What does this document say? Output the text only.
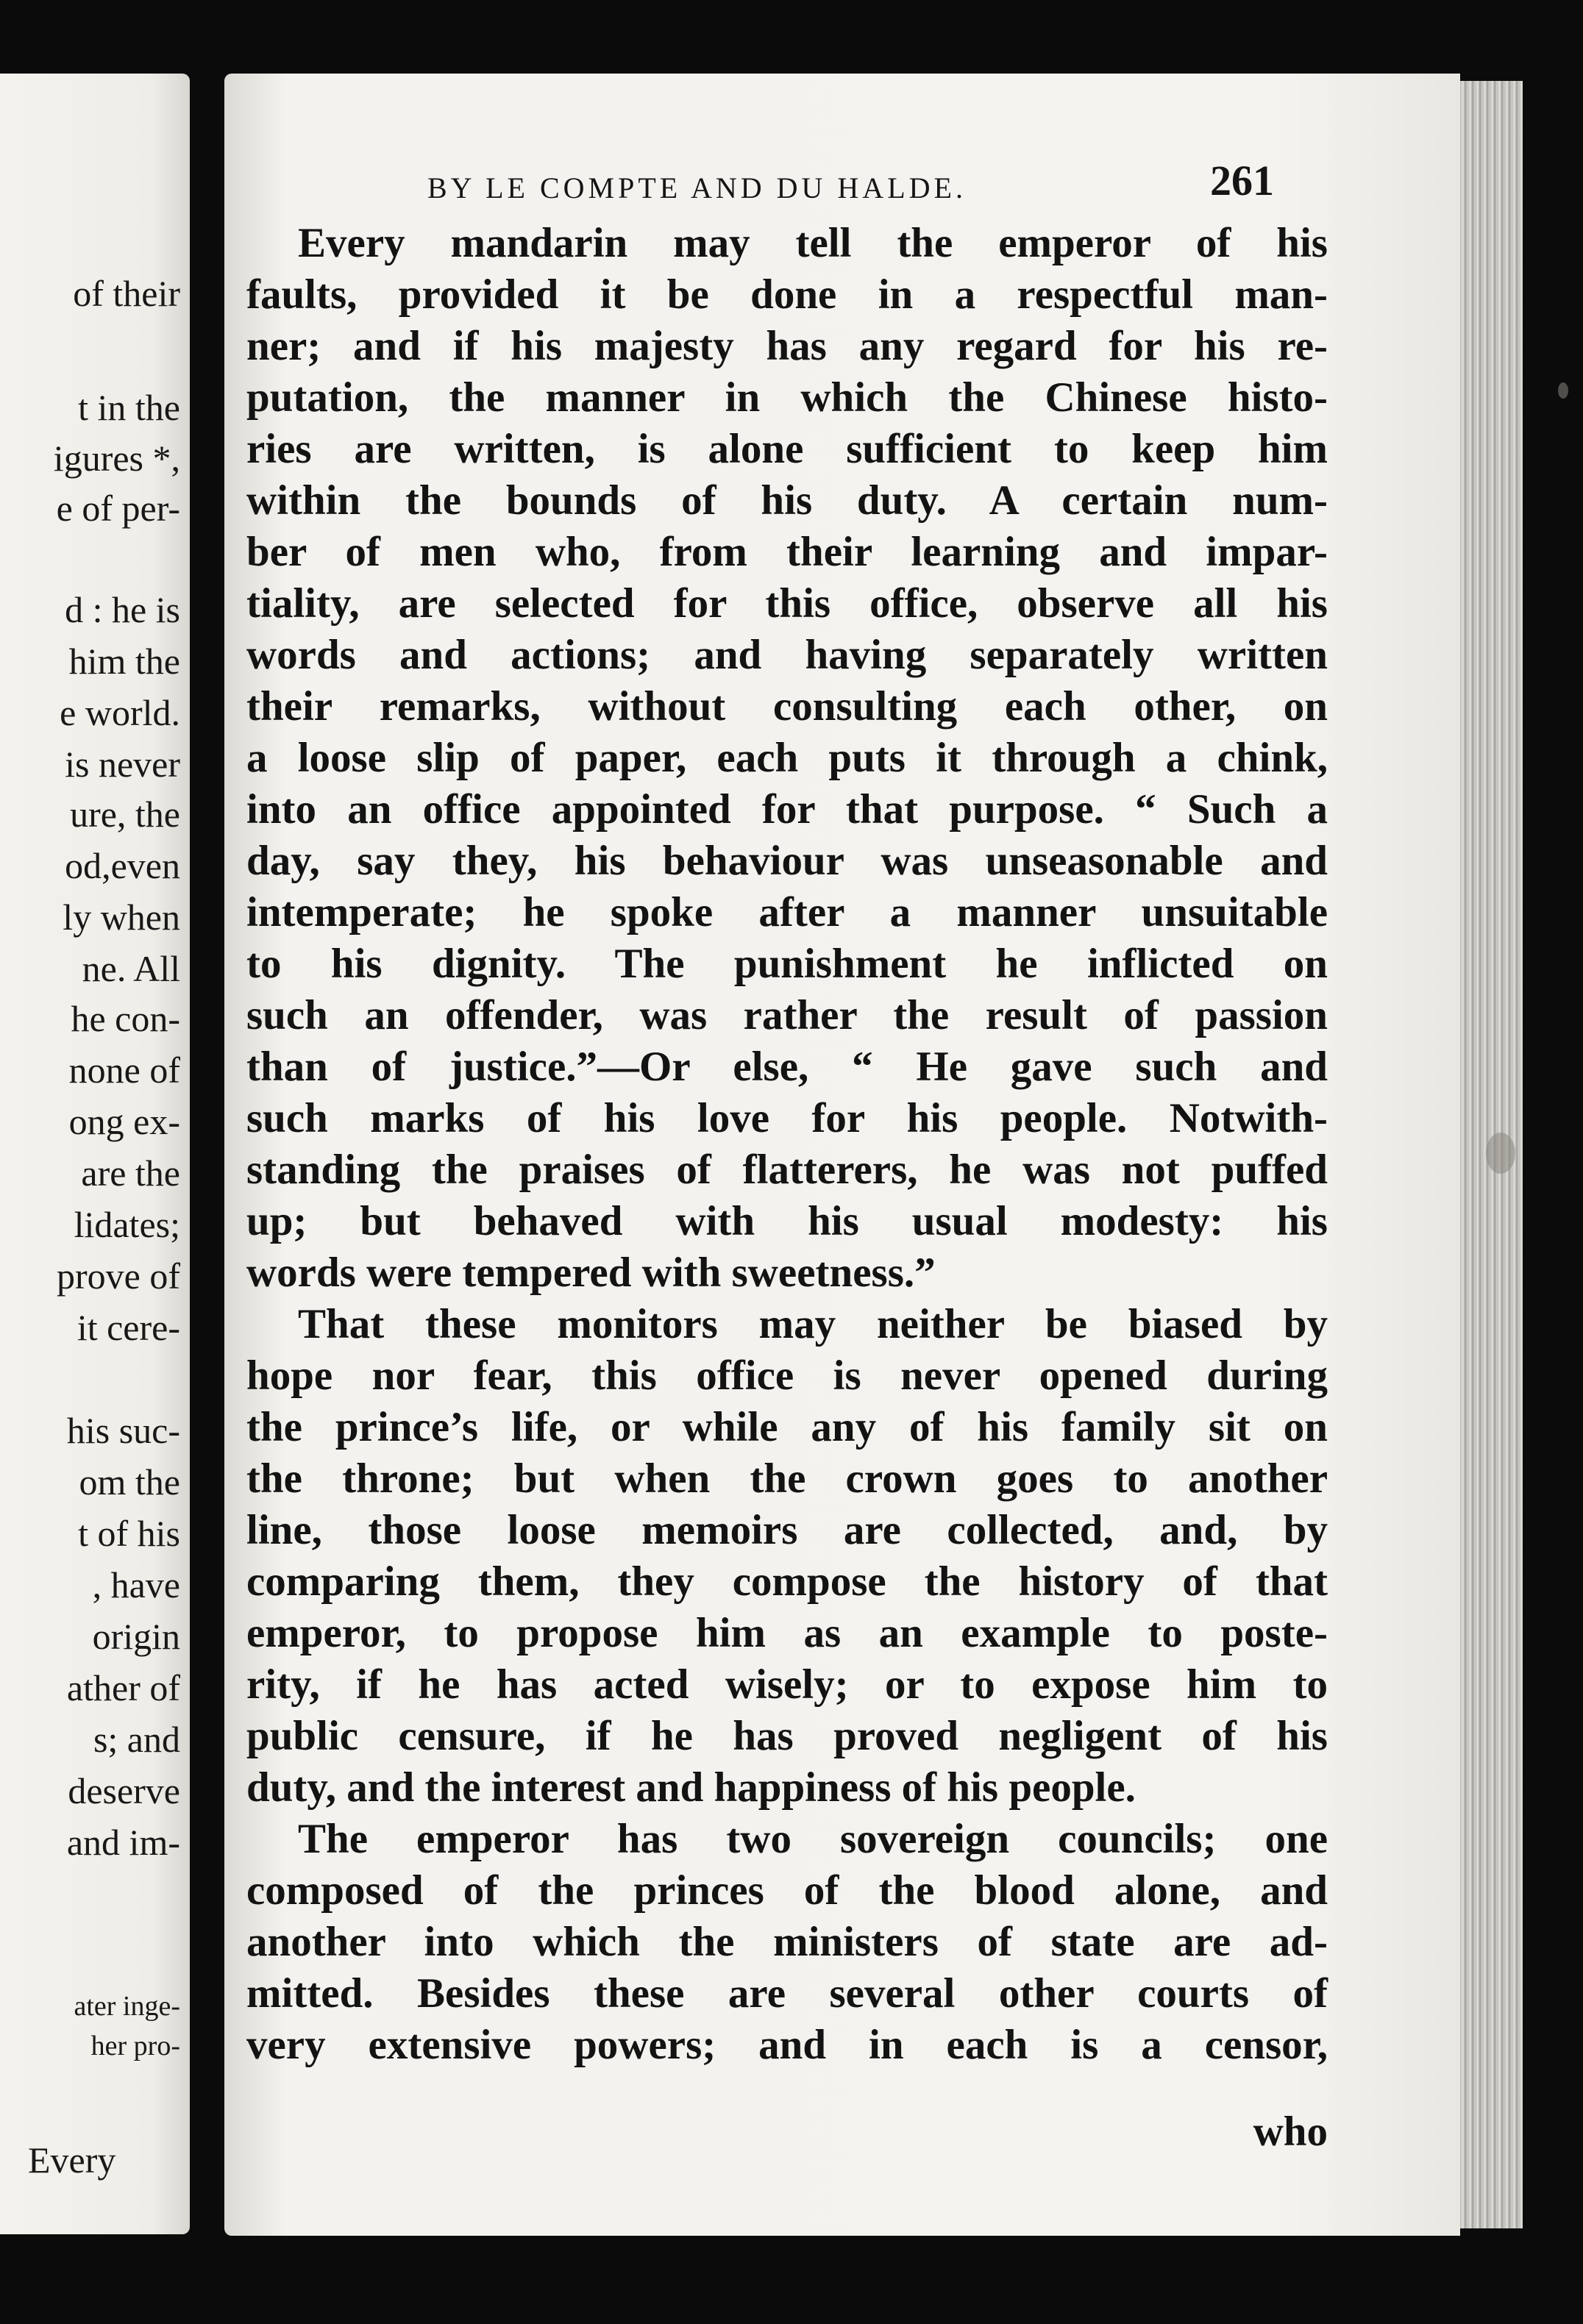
of their
t in the
igures *,
e of per-
d : he is
him the
e world.
is never
ure, the
od,even
ly when
ne. All
he con-
none of
ong ex-
are the
lidates;
prove of
it cere-
his suc-
om the
t of his
, have
origin
ather of
s; and
deserve
and im-
ater inge-
her pro-
Every
BY LE COMPTE AND DU HALDE.	261
Every mandarin may tell the emperor of his
faults, provided it be done in a respectful man-
ner; and if his majesty has any regard for his re-
putation, the manner in which the Chinese histo-
ries are written, is alone sufficient to keep him
within the bounds of his duty. A certain num-
ber of men who, from their learning and impar-
tiality, are selected for this office, observe all his
words and actions; and having separately written
their remarks, without consulting each other, on
a loose slip of paper, each puts it through a chink,
into an office appointed for that purpose. “ Such a
day, say they, his behaviour was unseasonable and
intemperate; he spoke after a manner unsuitable
to his dignity. The punishment he inflicted on
such an offender, was rather the result of passion
than of justice.”—Or else, “ He gave such and
such marks of his love for his people. Notwith-
standing the praises of flatterers, he was not puffed
up; but behaved with his usual modesty: his
words were tempered with sweetness.”
That these monitors may neither be biased by
hope nor fear, this office is never opened during
the prince’s life, or while any of his family sit on
the throne; but when the crown goes to another
line, those loose memoirs are collected, and, by
comparing them, they compose the history of that
emperor, to propose him as an example to poste-
rity, if he has acted wisely; or to expose him to
public censure, if he has proved negligent of his
duty, and the interest and happiness of his people.
The emperor has two sovereign councils; one
composed of the princes of the blood alone, and
another into which the ministers of state are ad-
mitted. Besides these are several other courts of
very extensive powers; and in each is a censor,
who
